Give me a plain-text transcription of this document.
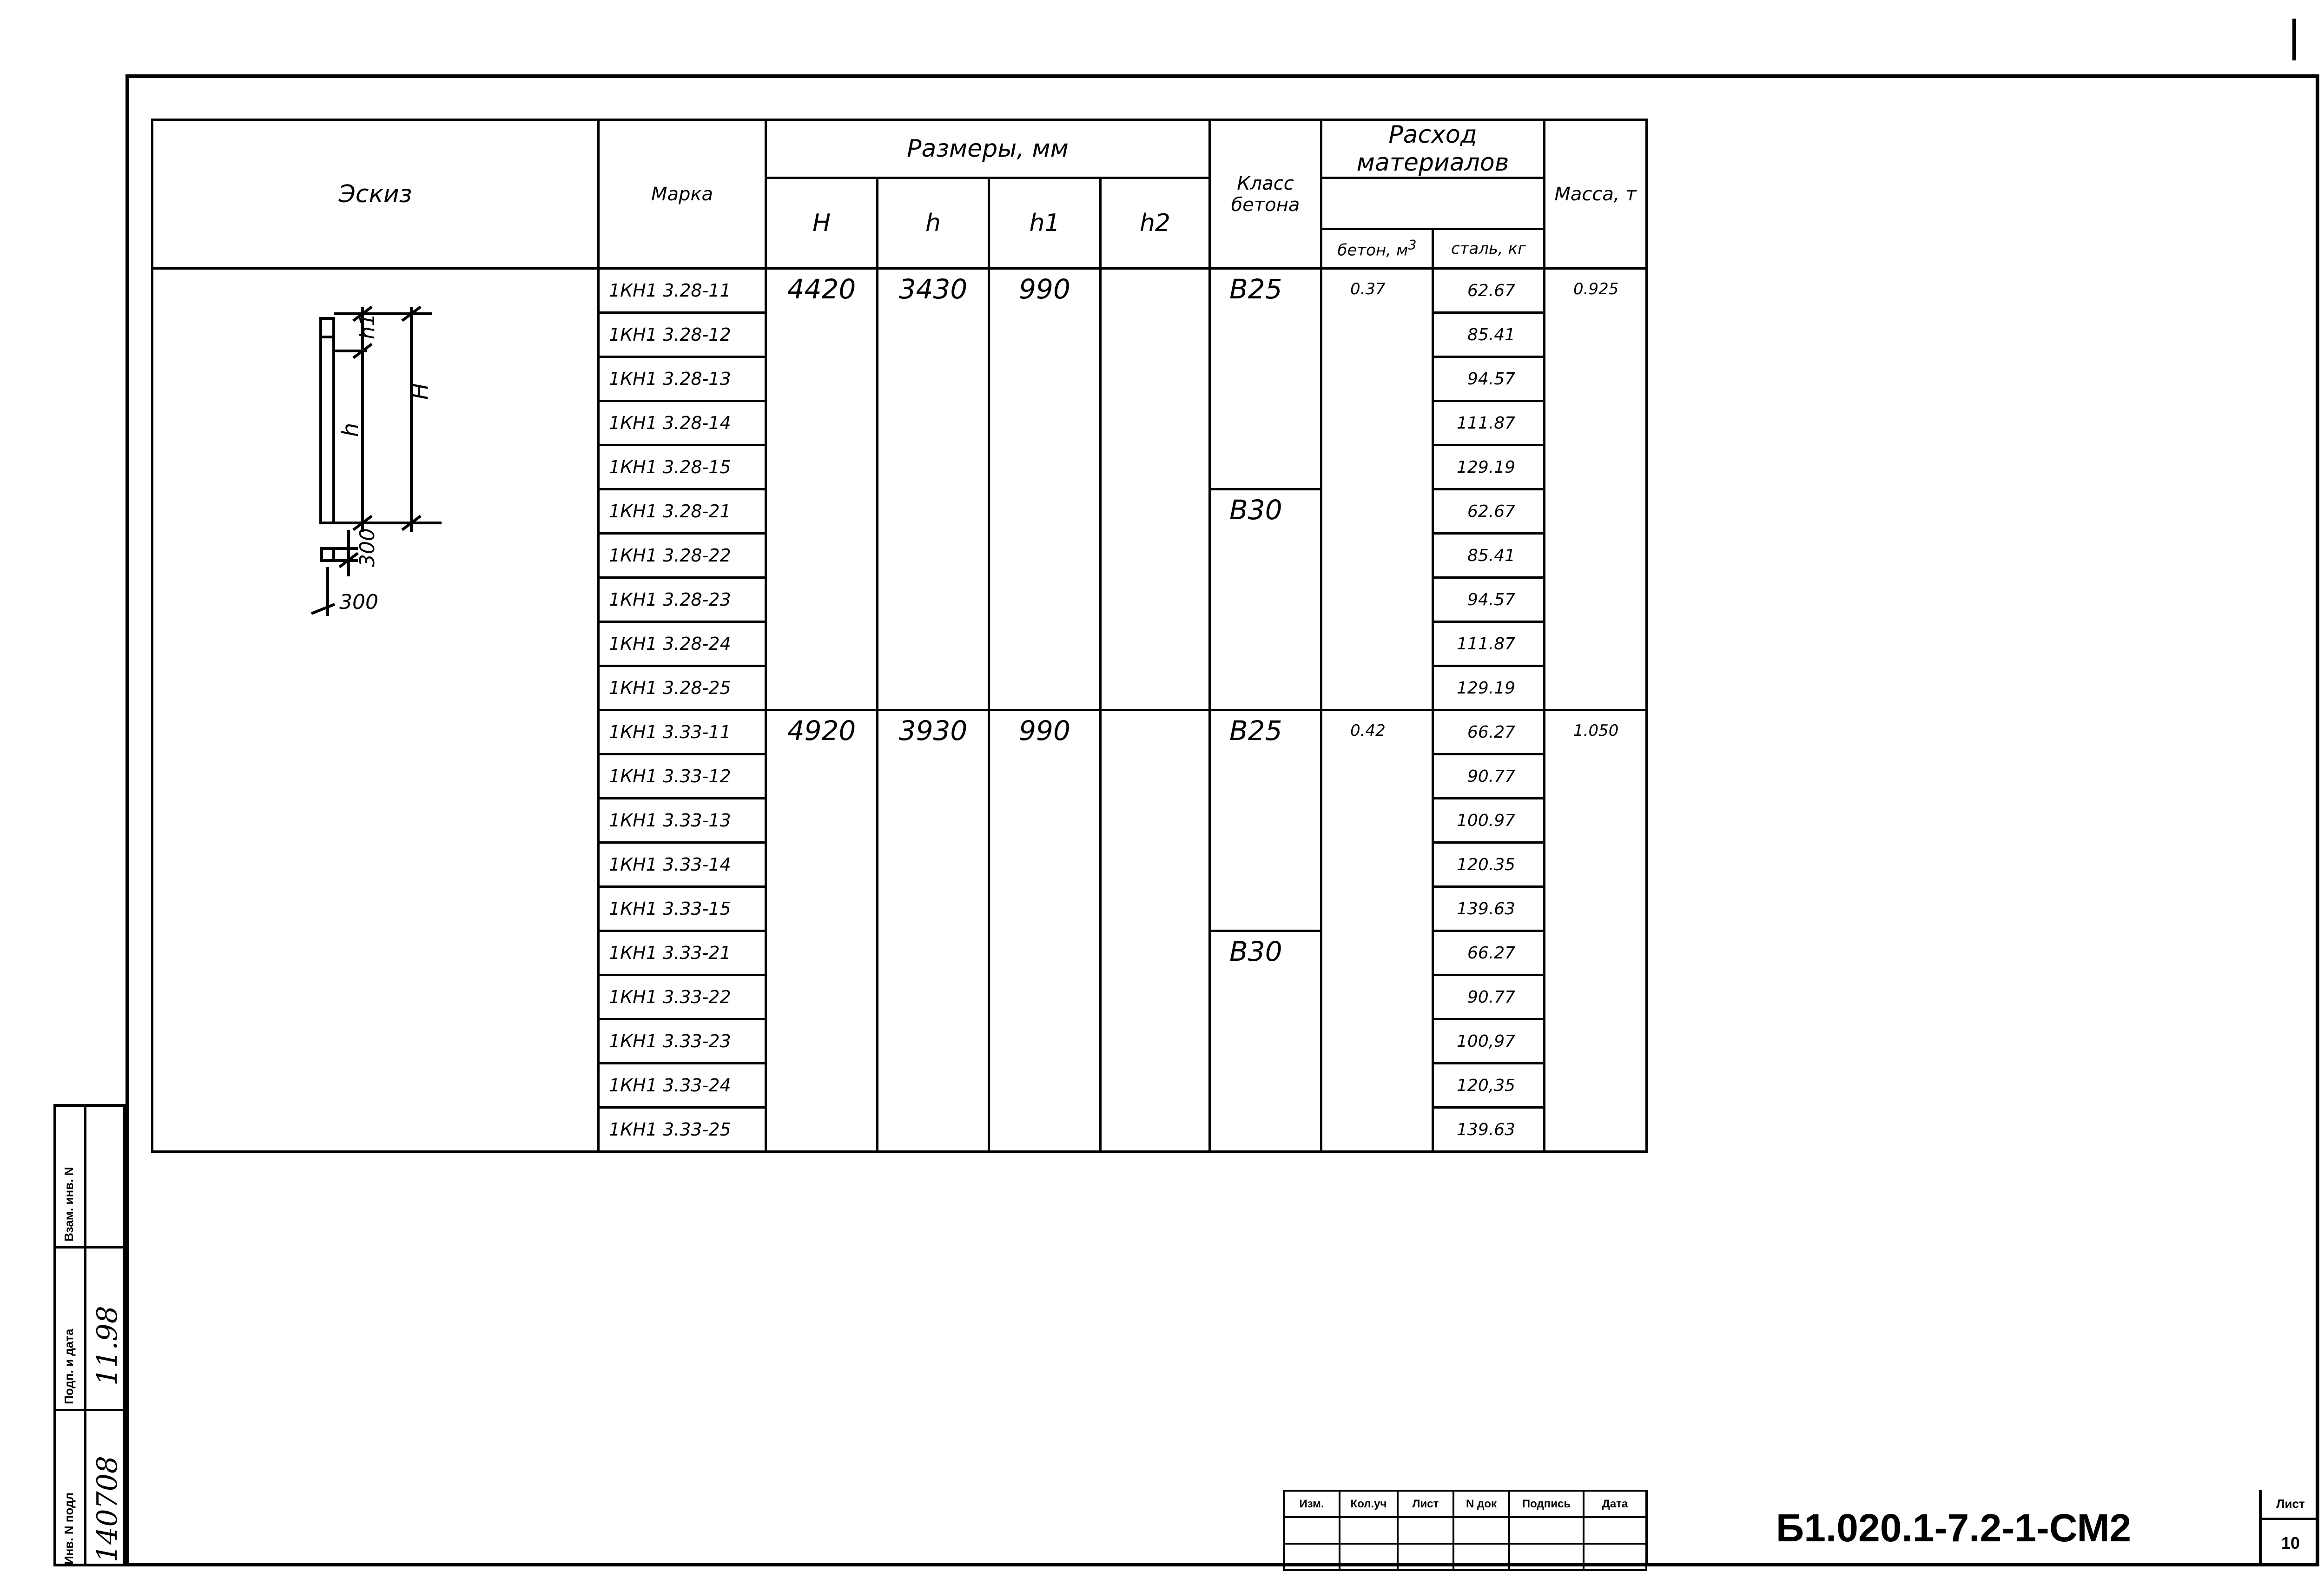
Эскиз	Марка	Размеры, мм				Класс бетона	Расход материалов		Масса, т
		H	h	h1	h2				
							бетон, $м^3$	сталь, кг	

h1
h
H
300
300	1КН1 3.28-11	4420	3430	990		B25	0.37	62.67	0.925
	1КН1 3.28-12							85.41	
	1КН1 3.28-13							94.57	
	1КН1 3.28-14							111.87	
	1КН1 3.28-15							129.19	
	1КН1 3.28-21					B30		62.67	
	1КН1 3.28-22							85.41	
	1КН1 3.28-23							94.57	
	1КН1 3.28-24							111.87	
	1КН1 3.28-25							129.19	
	1КН1 3.33-11	4920	3930	990		B25	0.42	66.27	1.050
	1КН1 3.33-12							90.77	
	1КН1 3.33-13							100.97	
	1КН1 3.33-14							120.35	
	1КН1 3.33-15							139.63	
	1КН1 3.33-21					B30		66.27	
	1КН1 3.33-22							90.77	
	1КН1 3.33-23							100,97	
	1КН1 3.33-24							120,35	
	1КН1 3.33-25							139.63	
Инв. N подл
Подп. и дата
Взам. инв. N
140708
11.98
Изм.	Кол.уч	Лист	N док	Подпись	Дата

Б1.020.1-7.2-1-СМ2
Лист
10
